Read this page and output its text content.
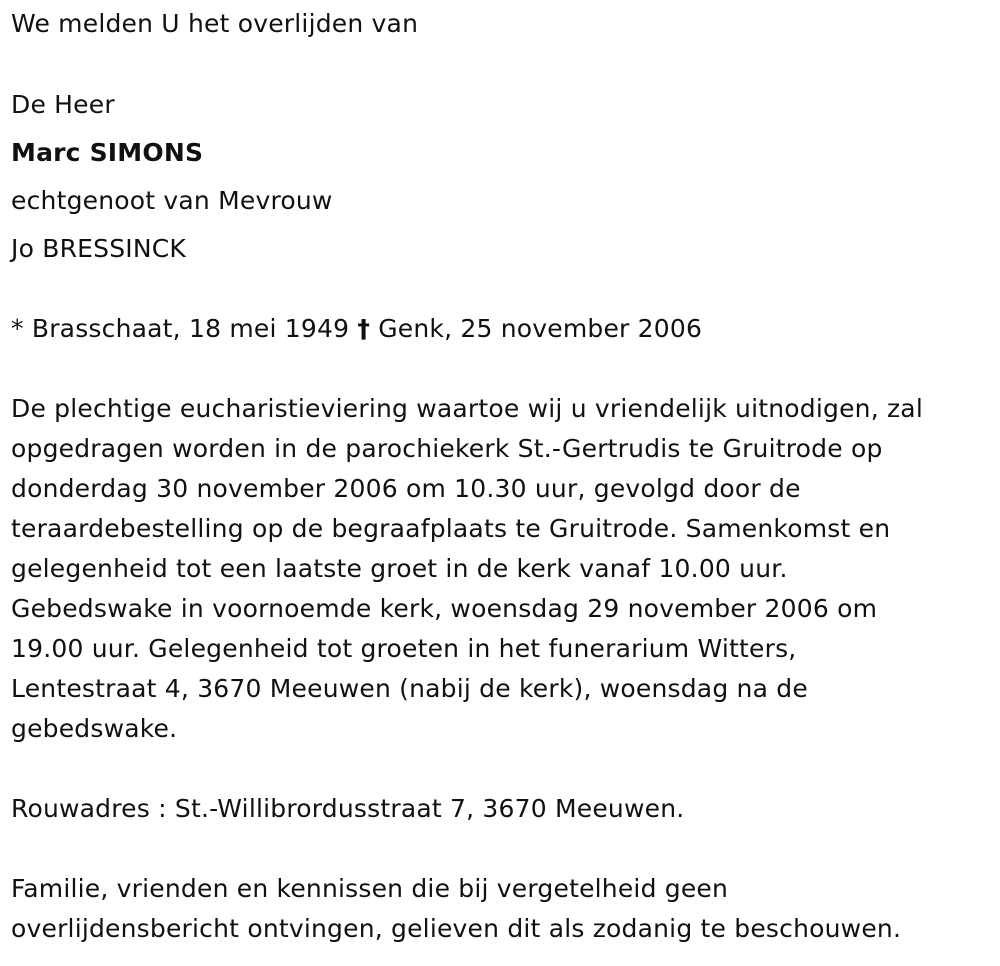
We melden U het overlijden van
De Heer
Marc SIMONS
echtgenoot van Mevrouw
Jo BRESSINCK
* Brasschaat, 18 mei 1949 † Genk, 25 november 2006
De plechtige eucharistieviering waartoe wij u vriendelijk uitnodigen, zal
opgedragen worden in de parochiekerk St.-Gertrudis te Gruitrode op
donderdag 30 november 2006 om 10.30 uur, gevolgd door de
teraardebestelling op de begraafplaats te Gruitrode. Samenkomst en
gelegenheid tot een laatste groet in de kerk vanaf 10.00 uur.
Gebedswake in voornoemde kerk, woensdag 29 november 2006 om
19.00 uur. Gelegenheid tot groeten in het funerarium Witters,
Lentestraat 4, 3670 Meeuwen (nabij de kerk), woensdag na de
gebedswake.
Rouwadres : St.-Willibrordusstraat 7, 3670 Meeuwen.
Familie, vrienden en kennissen die bij vergetelheid geen
overlijdensbericht ontvingen, gelieven dit als zodanig te beschouwen.
